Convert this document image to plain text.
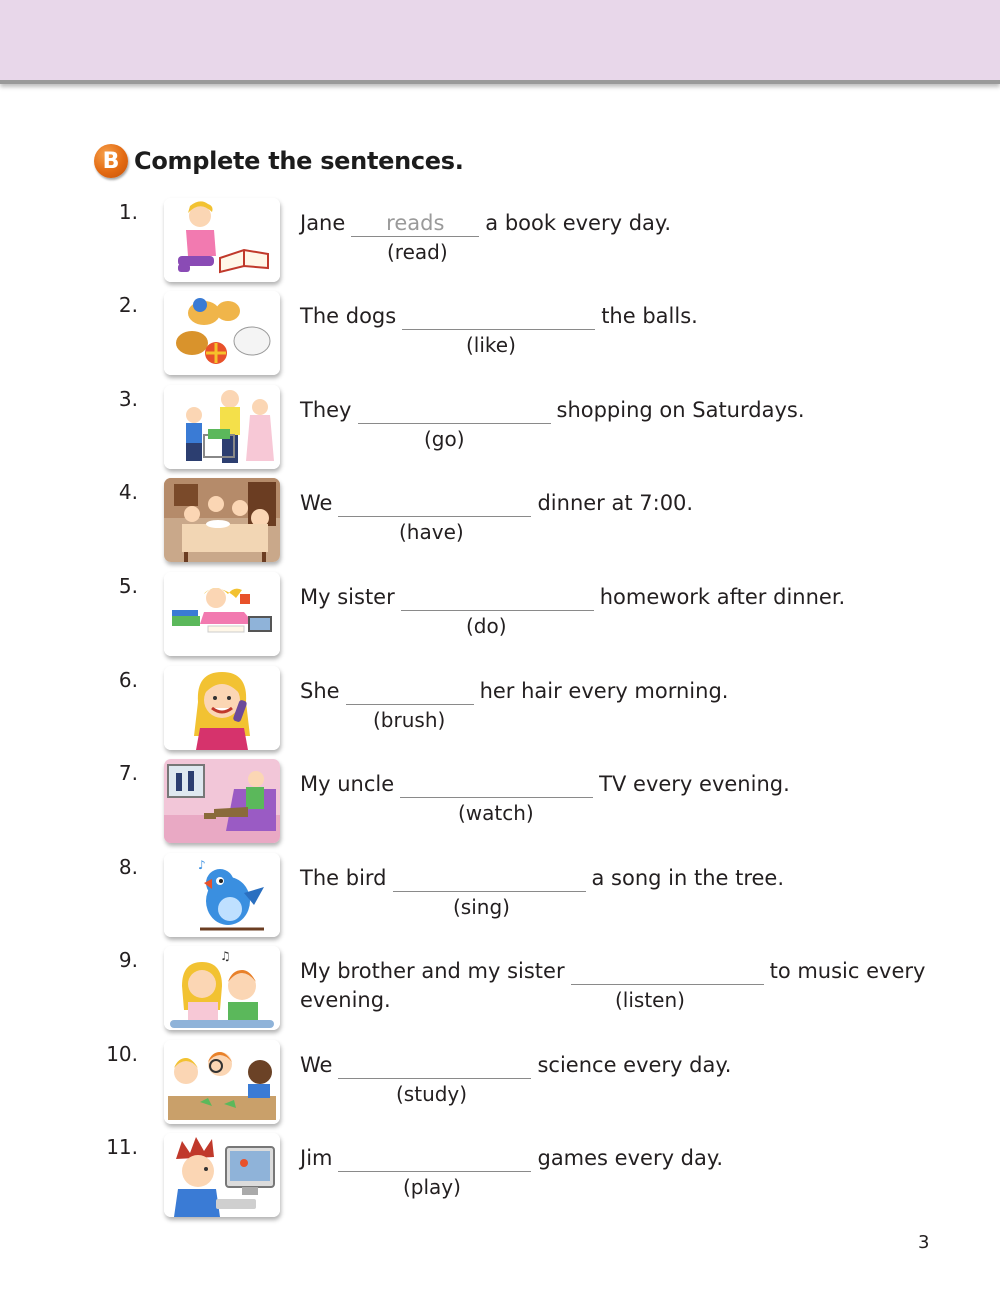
B Complete the sentences.
1.	Jane	reads	a book every day.
(read)
2.	The dogs	the balls.
(like)
3.	They	shopping on Saturdays.
(go)
4.	We	dinner at 7:00.
(have)
5.	My sister	homework after dinner.
(do)
6.	She	her hair every morning.
(brush)
7.	My uncle	TV every evening.
(watch)
8.	♪
The bird	a song in the tree.
(sing)
9.	♫
My brother and my sister	to music every
evening.	(listen)
10.	We	science every day.
(study)
11.	Jim	games every day.
(play)
3
